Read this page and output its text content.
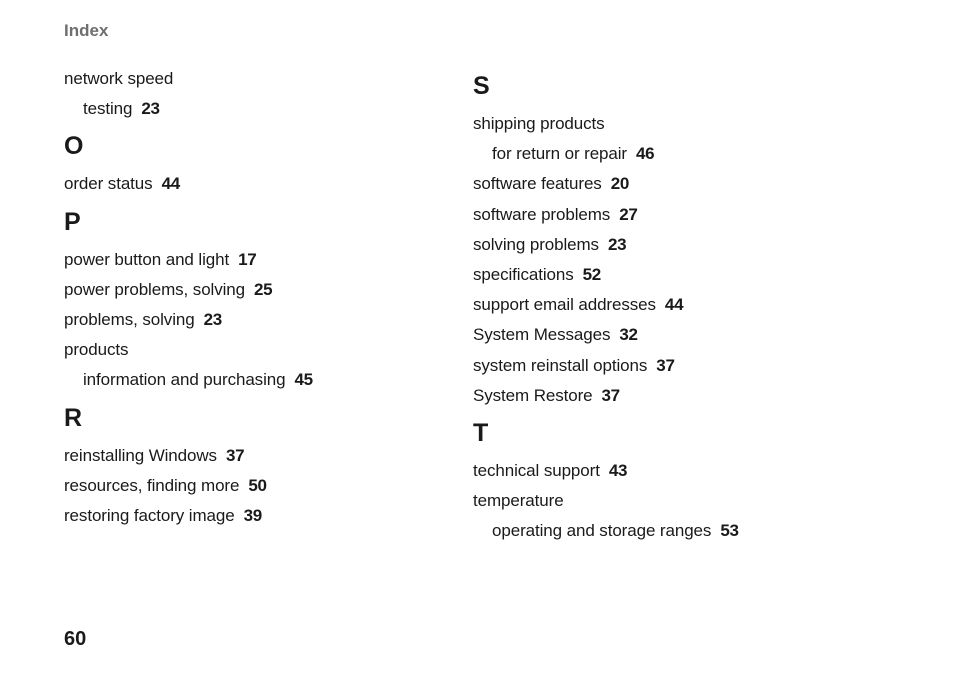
Index
network speed
testing 23
O
order status 44
P
power button and light 17
power problems, solving 25
problems, solving 23
products
information and purchasing 45
R
reinstalling Windows 37
resources, finding more 50
restoring factory image 39
S
shipping products
for return or repair 46
software features 20
software problems 27
solving problems 23
specifications 52
support email addresses 44
System Messages 32
system reinstall options 37
System Restore 37
T
technical support 43
temperature
operating and storage ranges 53
60
